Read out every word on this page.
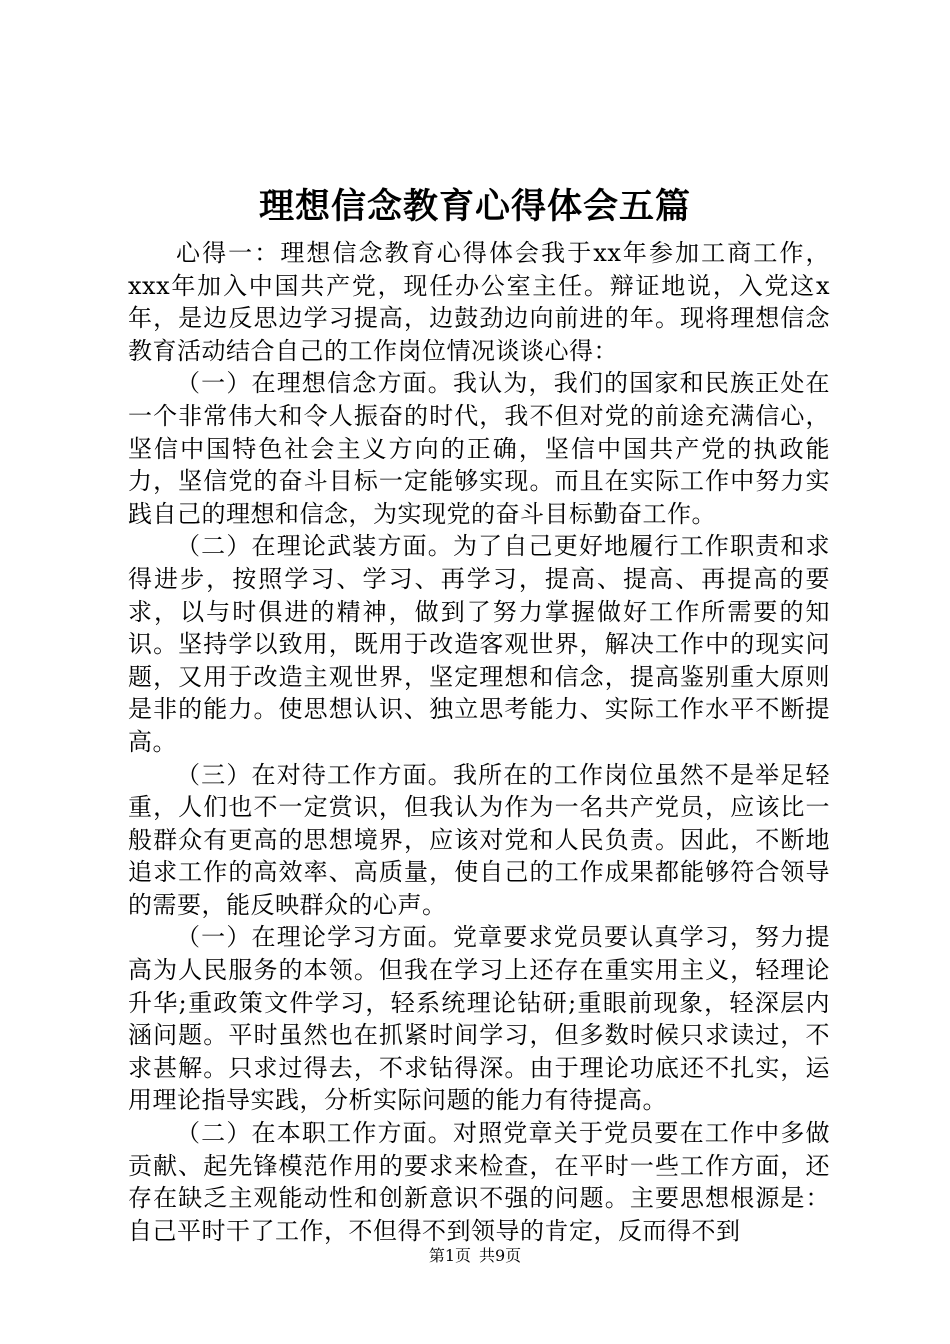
理想信念教育心得体会五篇

心得一：理想信念教育心得体会我于xx年参加工商工作，xxx年加入中国共产党，现任办公室主任。辩证地说，入党这x年，是边反思边学习提高，边鼓劲边向前进的年。现将理想信念教育活动结合自己的工作岗位情况谈谈心得：

（一）在理想信念方面。我认为，我们的国家和民族正处在一个非常伟大和令人振奋的时代，我不但对党的前途充满信心，坚信中国特色社会主义方向的正确，坚信中国共产党的执政能力，坚信党的奋斗目标一定能够实现。而且在实际工作中努力实践自己的理想和信念，为实现党的奋斗目标勤奋工作。

（二）在理论武装方面。为了自己更好地履行工作职责和求得进步，按照学习、学习、再学习，提高、提高、再提高的要求，以与时俱进的精神，做到了努力掌握做好工作所需要的知识。坚持学以致用，既用于改造客观世界，解决工作中的现实问题，又用于改造主观世界，坚定理想和信念，提高鉴别重大原则是非的能力。使思想认识、独立思考能力、实际工作水平不断提高。

（三）在对待工作方面。我所在的工作岗位虽然不是举足轻重，人们也不一定赏识，但我认为作为一名共产党员，应该比一般群众有更高的思想境界，应该对党和人民负责。因此，不断地追求工作的高效率、高质量，使自己的工作成果都能够符合领导的需要，能反映群众的心声。

（一）在理论学习方面。党章要求党员要认真学习，努力提高为人民服务的本领。但我在学习上还存在重实用主义，轻理论升华;重政策文件学习，轻系统理论钻研;重眼前现象，轻深层内涵问题。平时虽然也在抓紧时间学习，但多数时候只求读过，不求甚解。只求过得去，不求钻得深。由于理论功底还不扎实，运用理论指导实践，分析实际问题的能力有待提高。

（二）在本职工作方面。对照党章关于党员要在工作中多做贡献、起先锋模范作用的要求来检查，在平时一些工作方面，还存在缺乏主观能动性和创新意识不强的问题。主要思想根源是：自己平时干了工作，不但得不到领导的肯定，反而得不到

第1页 共9页
